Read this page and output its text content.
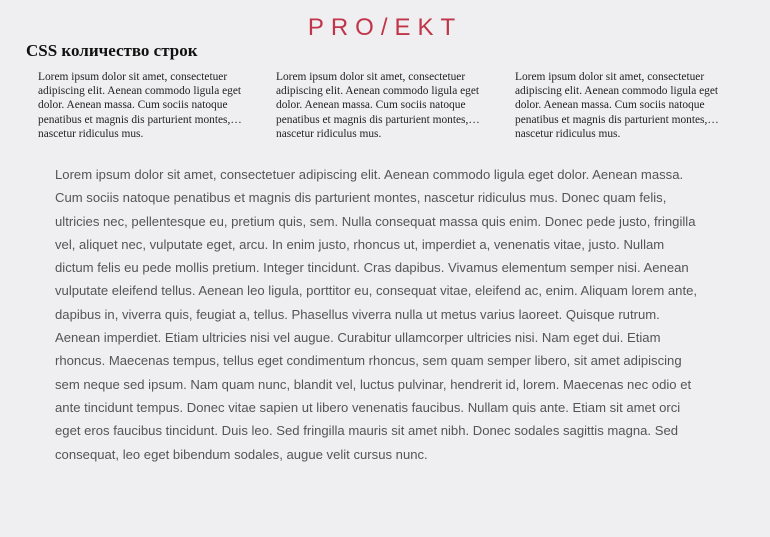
PRO/EKT
CSS количество строк
Lorem ipsum dolor sit amet, consectetuer adipiscing elit. Aenean commodo ligula eget dolor. Aenean massa. Cum sociis natoque penatibus et magnis dis parturient montes, nascetur ridiculus mus.
Lorem ipsum dolor sit amet, consectetuer adipiscing elit. Aenean commodo ligula eget dolor. Aenean massa. Cum sociis natoque penatibus et magnis dis parturient montes, nascetur ridiculus mus.
Lorem ipsum dolor sit amet, consectetuer adipiscing elit. Aenean commodo ligula eget dolor. Aenean massa. Cum sociis natoque penatibus et magnis dis parturient montes, nascetur ridiculus mus.

Lorem ipsum dolor sit amet, consectetuer adipiscing elit. Aenean commodo ligula eget dolor. Aenean massa. Cum sociis natoque penatibus et magnis dis parturient montes, nascetur ridiculus mus. Donec quam felis, ultricies nec, pellentesque eu, pretium quis, sem. Nulla consequat massa quis enim. Donec pede justo, fringilla vel, aliquet nec, vulputate eget, arcu. In enim justo, rhoncus ut, imperdiet a, venenatis vitae, justo. Nullam dictum felis eu pede mollis pretium. Integer tincidunt. Cras dapibus. Vivamus elementum semper nisi. Aenean vulputate eleifend tellus. Aenean leo ligula, porttitor eu, consequat vitae, eleifend ac, enim. Aliquam lorem ante, dapibus in, viverra quis, feugiat a, tellus. Phasellus viverra nulla ut metus varius laoreet. Quisque rutrum. Aenean imperdiet. Etiam ultricies nisi vel augue. Curabitur ullamcorper ultricies nisi. Nam eget dui. Etiam rhoncus. Maecenas tempus, tellus eget condimentum rhoncus, sem quam semper libero, sit amet adipiscing sem neque sed ipsum. Nam quam nunc, blandit vel, luctus pulvinar, hendrerit id, lorem. Maecenas nec odio et ante tincidunt tempus. Donec vitae sapien ut libero venenatis faucibus. Nullam quis ante. Etiam sit amet orci eget eros faucibus tincidunt. Duis leo. Sed fringilla mauris sit amet nibh. Donec sodales sagittis magna. Sed consequat, leo eget bibendum sodales, augue velit cursus nunc.
